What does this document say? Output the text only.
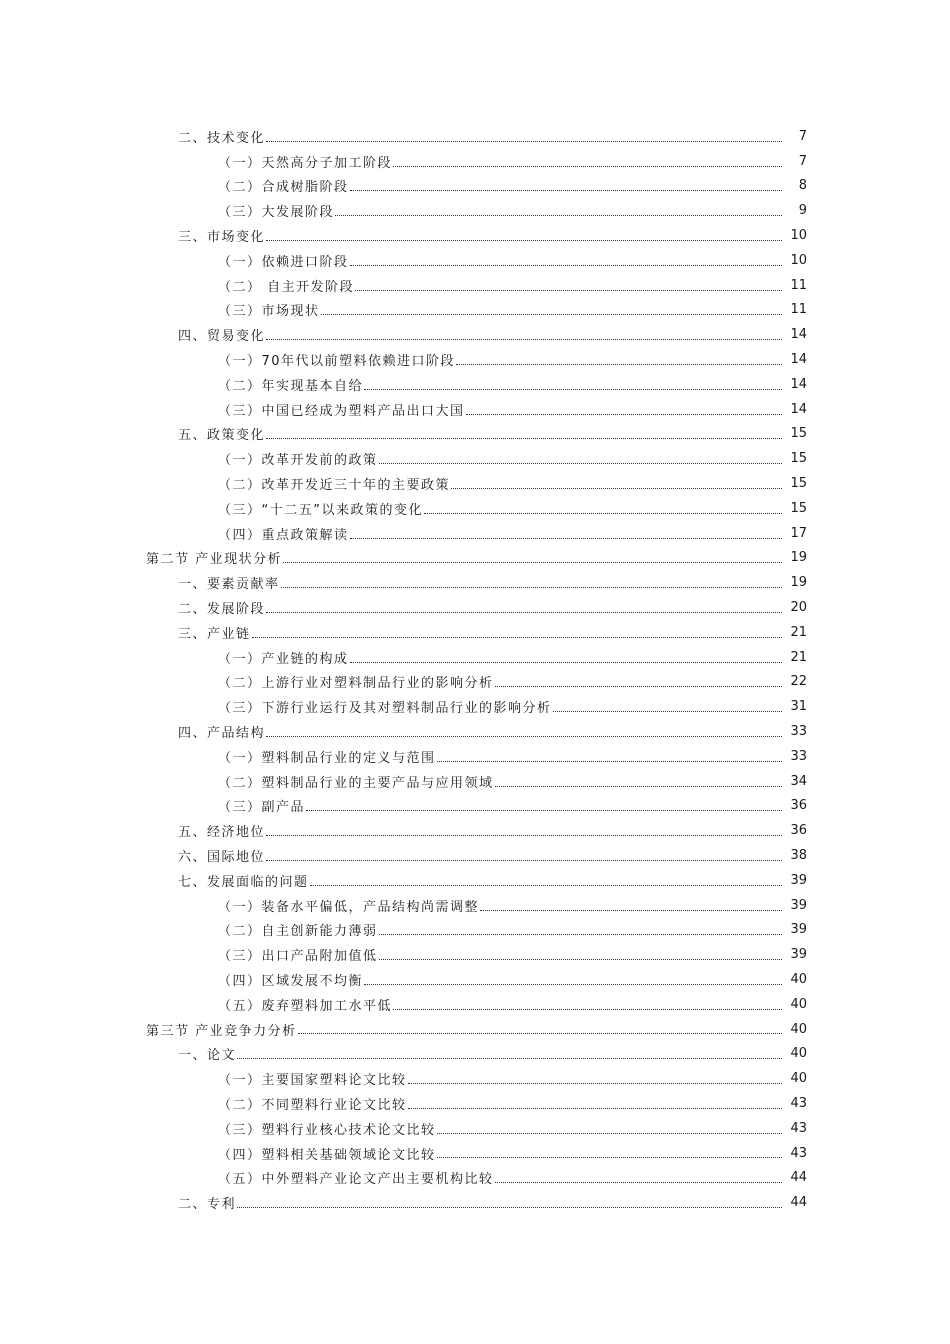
二、技术变化	7
（一）天然高分子加工阶段	7
（二）合成树脂阶段	8
（三）大发展阶段	9
三、市场变化	10
（一）依赖进口阶段	10
（二） 自主开发阶段	11
（三）市场现状	11
四、贸易变化	14
（一）70年代以前塑料依赖进口阶段	14
（二）年实现基本自给	14
（三）中国已经成为塑料产品出口大国	14
五、政策变化	15
（一）改革开发前的政策	15
（二）改革开发近三十年的主要政策	15
（三）“十二五”以来政策的变化	15
（四）重点政策解读	17
第二节 产业现状分析	19
一、要素贡献率	19
二、发展阶段	20
三、产业链	21
（一）产业链的构成	21
（二）上游行业对塑料制品行业的影响分析	22
（三）下游行业运行及其对塑料制品行业的影响分析	31
四、产品结构	33
（一）塑料制品行业的定义与范围	33
（二）塑料制品行业的主要产品与应用领域	34
（三）副产品	36
五、经济地位	36
六、国际地位	38
七、发展面临的问题	39
（一）装备水平偏低，产品结构尚需调整	39
（二）自主创新能力薄弱	39
（三）出口产品附加值低	39
（四）区域发展不均衡	40
（五）废弃塑料加工水平低	40
第三节 产业竞争力分析	40
一、论文	40
（一）主要国家塑料论文比较	40
（二）不同塑料行业论文比较	43
（三）塑料行业核心技术论文比较	43
（四）塑料相关基础领域论文比较	43
（五）中外塑料产业论文产出主要机构比较	44
二、专利	44
